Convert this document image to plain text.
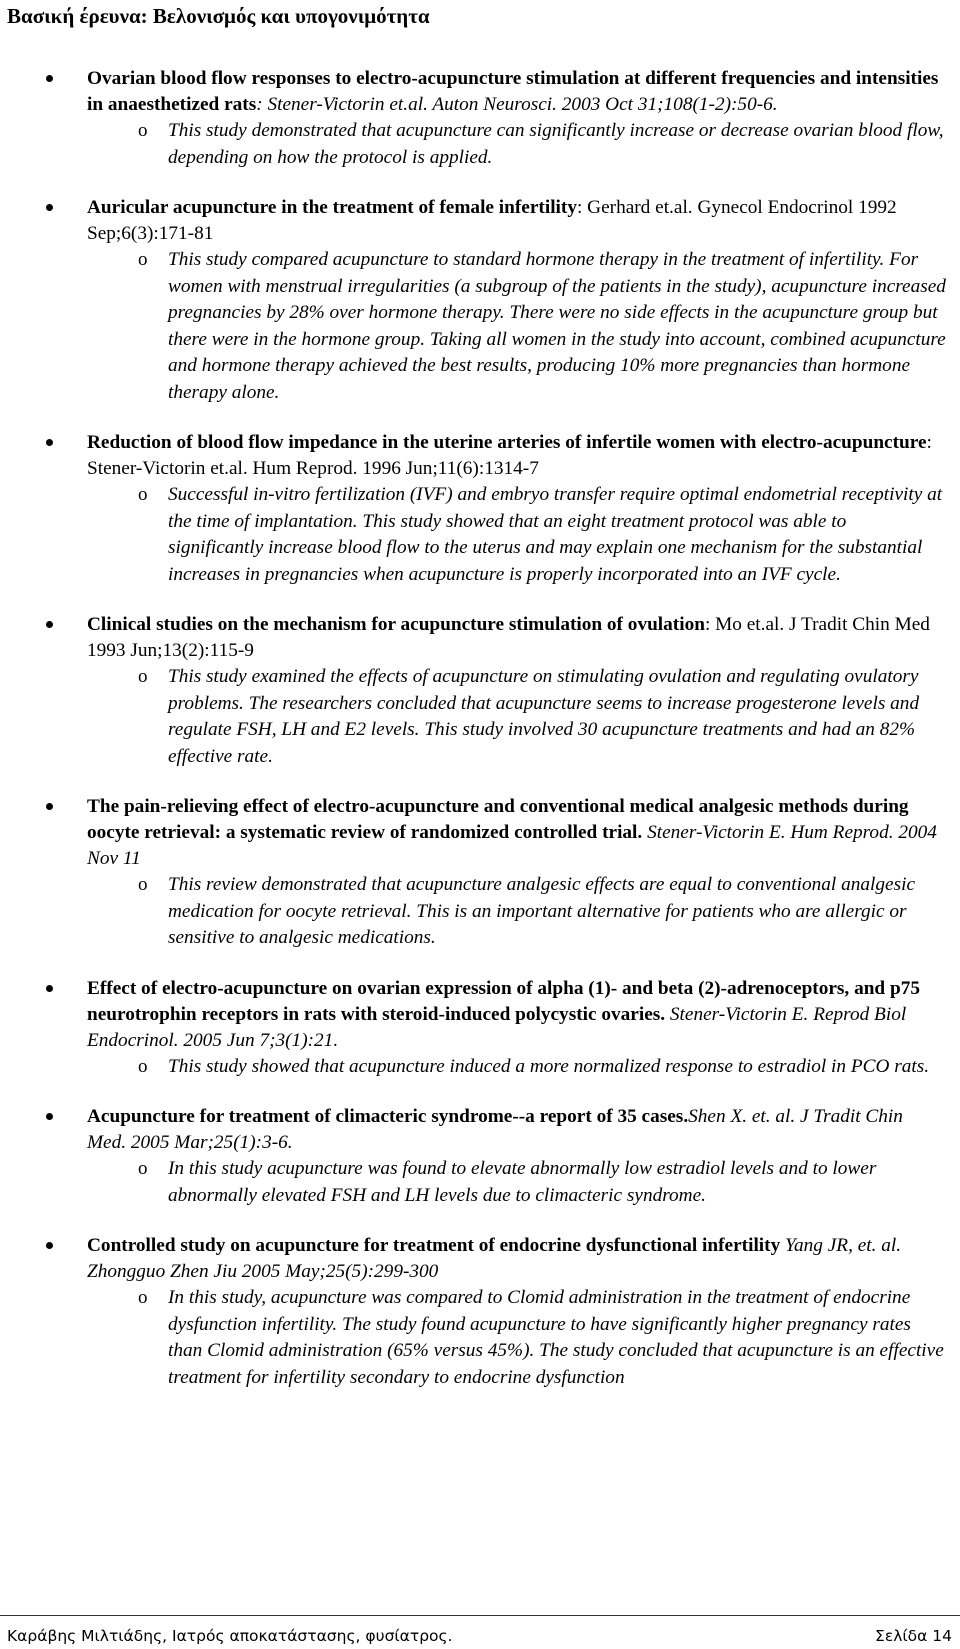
Βασική έρευνα: Βελονισμός και υπογονιμότητα
Ovarian blood flow responses to electro-acupuncture stimulation at different frequencies and intensities in anaesthetized rats: Stener-Victorin et.al. Auton Neurosci. 2003 Oct 31;108(1-2):50-6.
o This study demonstrated that acupuncture can significantly increase or decrease ovarian blood flow, depending on how the protocol is applied.
Auricular acupuncture in the treatment of female infertility: Gerhard et.al. Gynecol Endocrinol 1992 Sep;6(3):171-81
o This study compared acupuncture to standard hormone therapy in the treatment of infertility. For women with menstrual irregularities (a subgroup of the patients in the study), acupuncture increased pregnancies by 28% over hormone therapy. There were no side effects in the acupuncture group but there were in the hormone group. Taking all women in the study into account, combined acupuncture and hormone therapy achieved the best results, producing 10% more pregnancies than hormone therapy alone.
Reduction of blood flow impedance in the uterine arteries of infertile women with electro-acupuncture: Stener-Victorin et.al. Hum Reprod. 1996 Jun;11(6):1314-7
o Successful in-vitro fertilization (IVF) and embryo transfer require optimal endometrial receptivity at the time of implantation. This study showed that an eight treatment protocol was able to significantly increase blood flow to the uterus and may explain one mechanism for the substantial increases in pregnancies when acupuncture is properly incorporated into an IVF cycle.
Clinical studies on the mechanism for acupuncture stimulation of ovulation: Mo et.al. J Tradit Chin Med 1993 Jun;13(2):115-9
o This study examined the effects of acupuncture on stimulating ovulation and regulating ovulatory problems. The researchers concluded that acupuncture seems to increase progesterone levels and regulate FSH, LH and E2 levels. This study involved 30 acupuncture treatments and had an 82% effective rate.
The pain-relieving effect of electro-acupuncture and conventional medical analgesic methods during oocyte retrieval: a systematic review of randomized controlled trial. Stener-Victorin E. Hum Reprod. 2004 Nov 11
o This review demonstrated that acupuncture analgesic effects are equal to conventional analgesic medication for oocyte retrieval. This is an important alternative for patients who are allergic or sensitive to analgesic medications.
Effect of electro-acupuncture on ovarian expression of alpha (1)- and beta (2)-adrenoceptors, and p75 neurotrophin receptors in rats with steroid-induced polycystic ovaries. Stener-Victorin E. Reprod Biol Endocrinol. 2005 Jun 7;3(1):21.
o This study showed that acupuncture induced a more normalized response to estradiol in PCO rats.
Acupuncture for treatment of climacteric syndrome--a report of 35 cases.Shen X. et. al. J Tradit Chin Med. 2005 Mar;25(1):3-6.
o In this study acupuncture was found to elevate abnormally low estradiol levels and to lower abnormally elevated FSH and LH levels due to climacteric syndrome.
Controlled study on acupuncture for treatment of endocrine dysfunctional infertility Yang JR, et. al. Zhongguo Zhen Jiu 2005 May;25(5):299-300
o In this study, acupuncture was compared to Clomid administration in the treatment of endocrine dysfunction infertility. The study found acupuncture to have significantly higher pregnancy rates than Clomid administration (65% versus 45%). The study concluded that acupuncture is an effective treatment for infertility secondary to endocrine dysfunction
Καράβης Μιλτιάδης, Ιατρός αποκατάστασης, φυσίατρος.	Σελίδα 14
